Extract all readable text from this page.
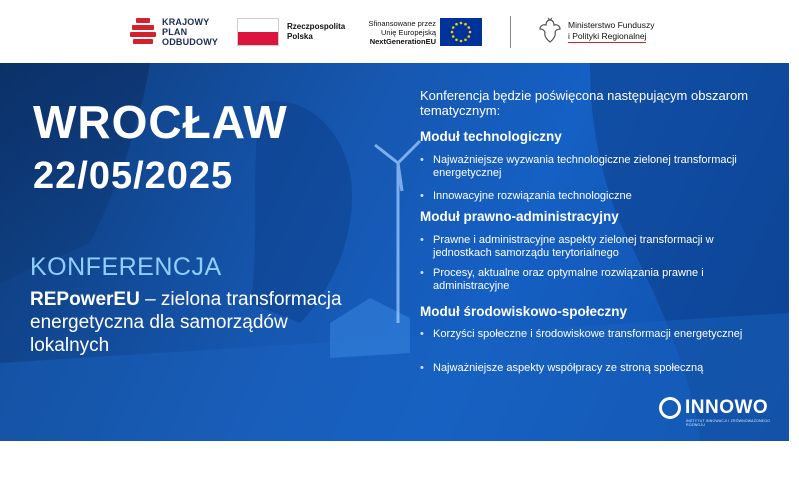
KRAJOWY
PLAN
ODBUDOWY
Rzeczpospolita
Polska
Sfinansowane przez
Unię Europejską
NextGenerationEU
Ministerstwo Funduszy
i Polityki Regionalnej
WROCŁAW
22/05/2025
KONFERENCJA
REPowerEU – zielona transformacja energetyczna dla samorządów lokalnych
Konferencja będzie poświęcona następującym obszarom tematycznym:
Moduł technologiczny
• Najważniejsze wyzwania technologiczne zielonej transformacji energetycznej
• Innowacyjne rozwiązania technologiczne
Moduł prawno-administracyjny
• Prawne i administracyjne aspekty zielonej transformacji w jednostkach samorządu terytorialnego
• Procesy, aktualne oraz optymalne rozwiązania prawne i administracyjne
Moduł środowiskowo-społeczny
• Korzyści społeczne i środowiskowe transformacji energetycznej
• Najważniejsze aspekty współpracy ze stroną społeczną
INNOWO
INSTYTUT INNOWACJI I ZRÓWNOWAŻONEGO ROZWOJU
